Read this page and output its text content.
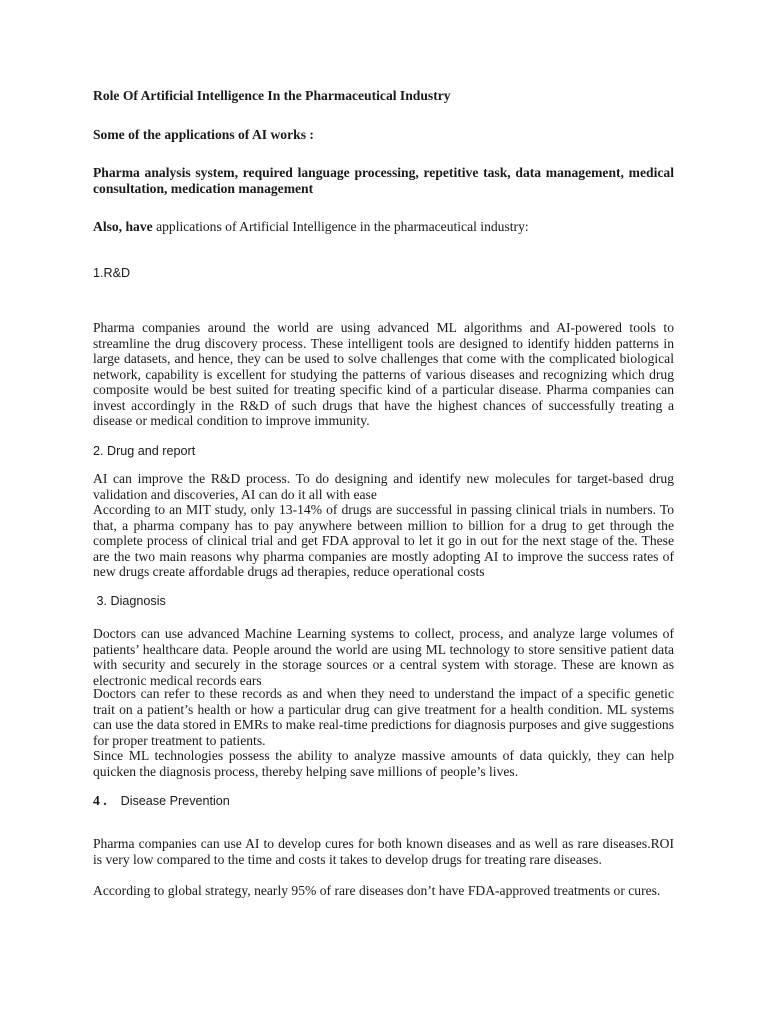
Role Of Artificial Intelligence In the Pharmaceutical Industry

Some of the applications of AI works :

Pharma analysis system, required language processing, repetitive task, data management, medical consultation, medication management

Also, have applications of Artificial Intelligence in the pharmaceutical industry:

1.R&D

Pharma companies around the world are using advanced ML algorithms and AI-powered tools to streamline the drug discovery process. These intelligent tools are designed to identify hidden patterns in large datasets, and hence, they can be used to solve challenges that come with the complicated biological network, capability is excellent for studying the patterns of various diseases and recognizing which drug composite would be best suited for treating specific kind of a particular disease. Pharma companies can invest accordingly in the R&D of such drugs that have the highest chances of successfully treating a disease or medical condition to improve immunity.

2. Drug and report

AI can improve the R&D process. To do designing and identify new molecules for target-based drug validation and discoveries, AI can do it all with ease

According to an MIT study, only 13-14% of drugs are successful in passing clinical trials in numbers. To that, a pharma company has to pay anywhere between million to billion for a drug to get through the complete process of clinical trial and get FDA approval to let it go in out for the next stage of the. These are the two main reasons why pharma companies are mostly adopting AI to improve the success rates of new drugs create affordable drugs ad therapies, reduce operational costs

3. Diagnosis

Doctors can use advanced Machine Learning systems to collect, process, and analyze large volumes of patients’ healthcare data. People around the world are using ML technology to store sensitive patient data with security and securely in the storage sources or a central system with storage. These are known as electronic medical records ears

Doctors can refer to these records as and when they need to understand the impact of a specific genetic trait on a patient’s health or how a particular drug can give treatment for a health condition. ML systems can use the data stored in EMRs to make real-time predictions for diagnosis purposes and give suggestions for proper treatment to patients.

Since ML technologies possess the ability to analyze massive amounts of data quickly, they can help quicken the diagnosis process, thereby helping save millions of people’s lives.

4 . Disease Prevention

Pharma companies can use AI to develop cures for both known diseases and as well as rare diseases.ROI is very low compared to the time and costs it takes to develop drugs for treating rare diseases.

According to global strategy, nearly 95% of rare diseases don’t have FDA-approved treatments or cures.
